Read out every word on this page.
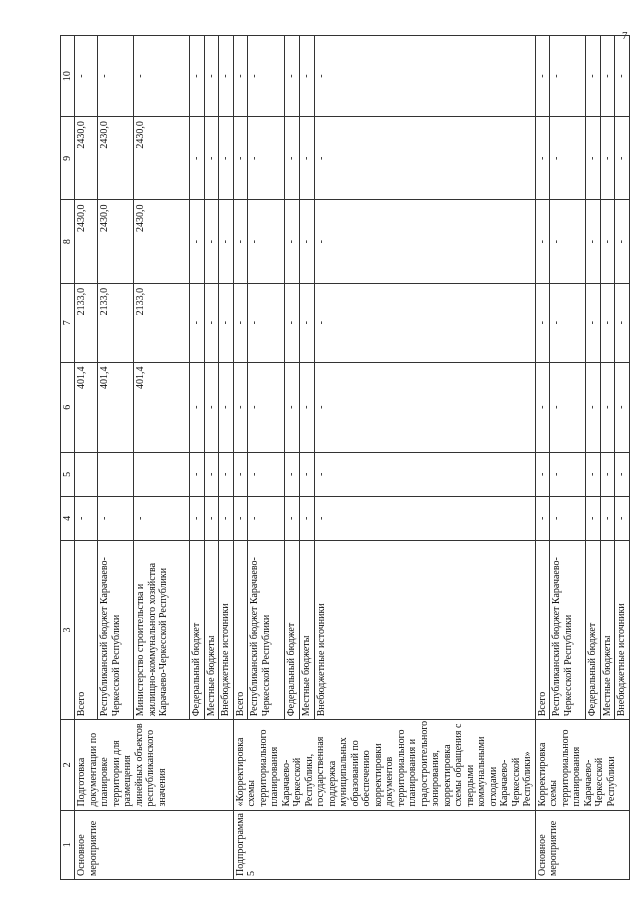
7
1	2	3	4	5	6	7	8	9	10
Основное мероприятие	Подготовка документации по планировке территории для размещения линейных объектов республиканского значения	Всего	-		401,4	2133,0	2430,0	2430,0	-
		Республиканский бюджет Карачаево-Черкесской Республики	-		401,4	2133,0	2430,0	2430,0	-
		Министерство строительства и жилищно-коммунального хозяйства Карачаево-Черкесской Республики	-		401,4	2133,0	2430,0	2430,0	-
		Федеральный бюджет	-	-	-	-	-	-	-
		Местные бюджеты	-	-	-	-	-	-	-
		Внебюджетные источники	-	-	-	-	-	-	-
Подпрограмма 5	«Корректировка схемы территориального планирования Карачаево-Черкесской Республики, государственная поддержка муниципальных образований по обеспечению корректировки документов территориального планирования и градостроительного зонирования, корректировка схемы обращения с твердыми коммунальными отходами Карачаево-Черкесской Республики»	Всего	-	-	-	-	-	-	-
		Республиканский бюджет Карачаево-Черкесской Республики	-	-	-	-	-	-	-
		Федеральный бюджет	-	-	-	-	-	-	-
		Местные бюджеты	-	-	-	-	-	-	-
		Внебюджетные источники	-	-	-	-	-	-	-
Основное мероприятие	Корректировка схемы территориального планирования Карачаево-Черкесской Республики	Всего	-	-	-	-	-	-	-
		Республиканский бюджет Карачаево-Черкесской Республики	-	-	-	-	-	-	-
		Федеральный бюджет	-	-	-	-	-	-	-
		Местные бюджеты	-	-	-	-	-	-	-
		Внебюджетные источники	-	-	-	-	-	-	-
